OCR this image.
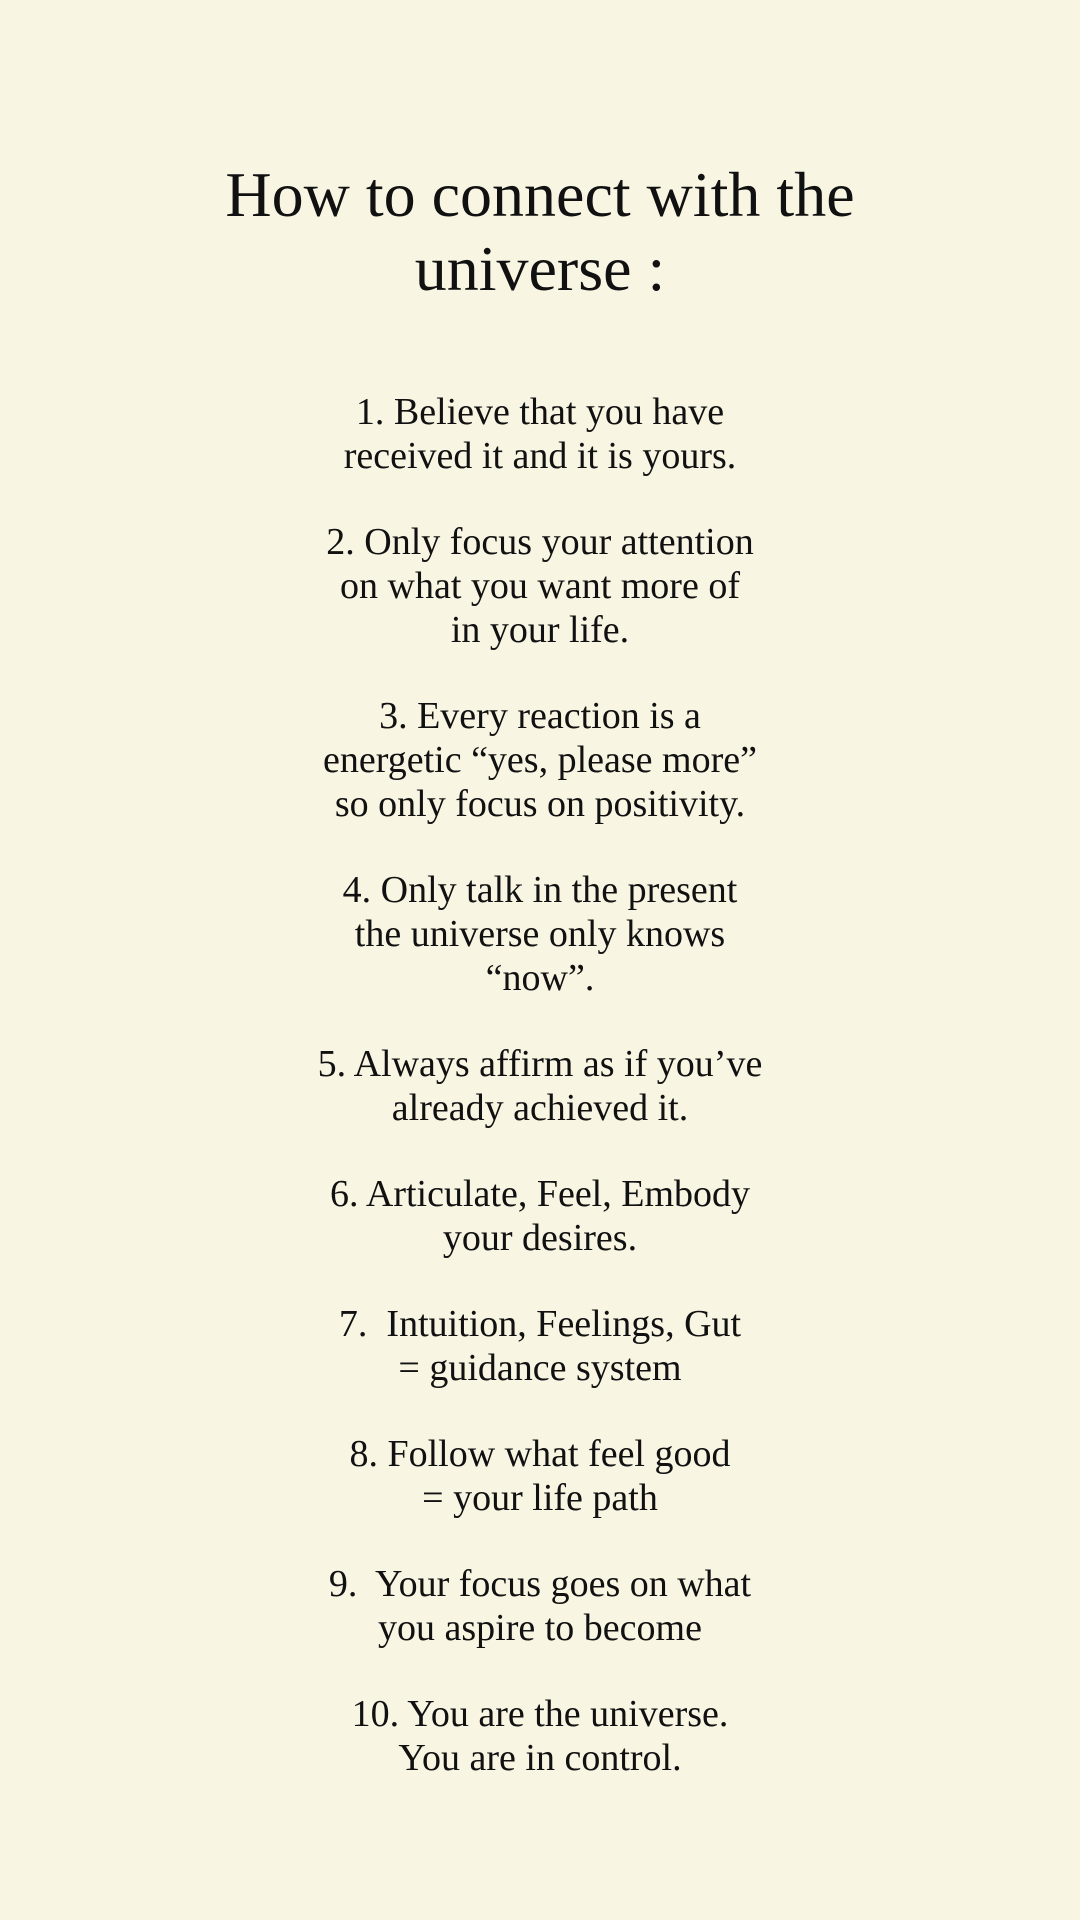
How to connect with the
universe :
1. Believe that you have
received it and it is yours.
2. Only focus your attention
on what you want more of
in your life.
3. Every reaction is a
energetic “yes, please more”
so only focus on positivity.
4. Only talk in the present
the universe only knows
“now”.
5. Always affirm as if you’ve
already achieved it.
6. Articulate, Feel, Embody
your desires.
7.  Intuition, Feelings, Gut
= guidance system
8. Follow what feel good
= your life path
9.  Your focus goes on what
you aspire to become
10. You are the universe.
You are in control.
